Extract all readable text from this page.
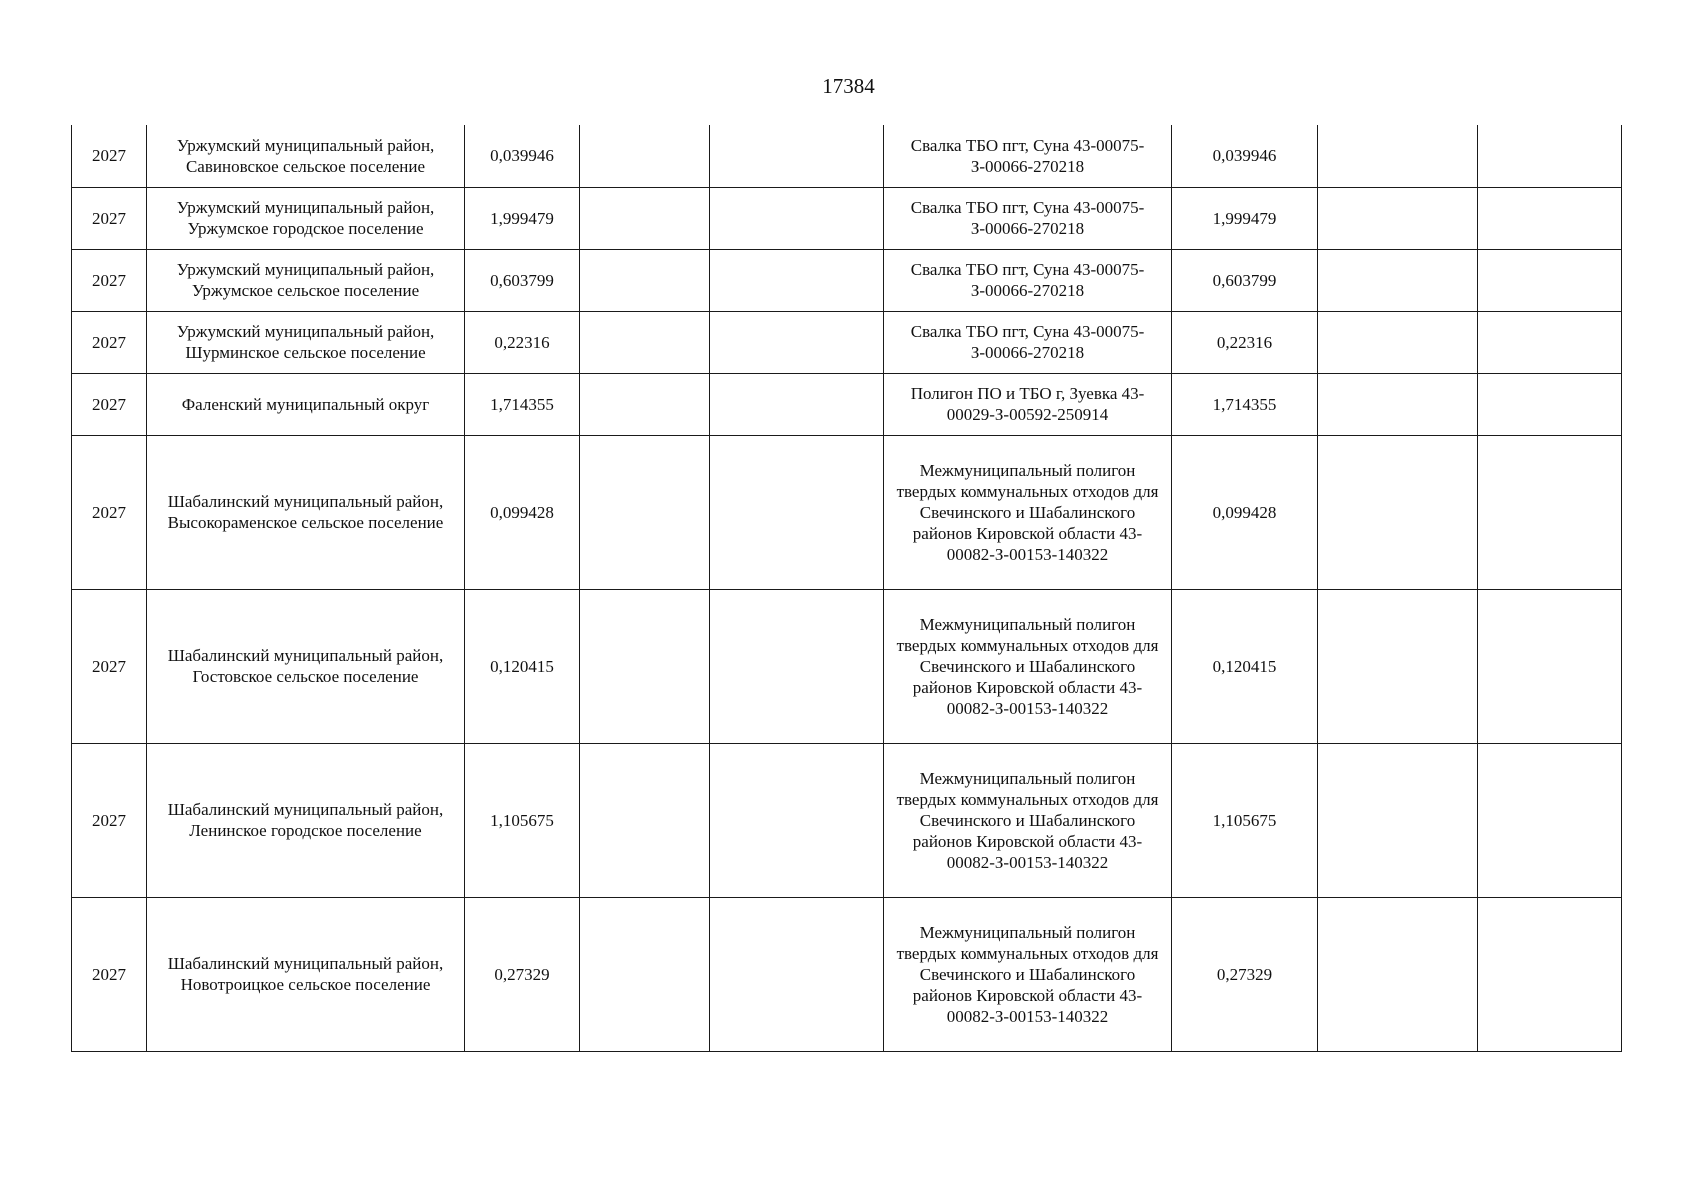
17384
2027	Уржумский муниципальный район, Савиновское сельское поселение	0,039946			Свалка ТБО пгт, Суна 43-00075-З-00066-270218	0,039946		
2027	Уржумский муниципальный район, Уржумское городское поселение	1,999479			Свалка ТБО пгт, Суна 43-00075-З-00066-270218	1,999479		
2027	Уржумский муниципальный район, Уржумское сельское поселение	0,603799			Свалка ТБО пгт, Суна 43-00075-З-00066-270218	0,603799		
2027	Уржумский муниципальный район, Шурминское сельское поселение	0,22316			Свалка ТБО пгт, Суна 43-00075-З-00066-270218	0,22316		
2027	Фаленский муниципальный округ	1,714355			Полигон ПО и ТБО г, Зуевка 43-00029-З-00592-250914	1,714355		
2027	Шабалинский муниципальный район, Высокораменское сельское поселение	0,099428			Межмуниципальный полигон твердых коммунальных отходов для Свечинского и Шабалинского районов Кировской области 43-00082-З-00153-140322	0,099428		
2027	Шабалинский муниципальный район, Гостовское сельское поселение	0,120415			Межмуниципальный полигон твердых коммунальных отходов для Свечинского и Шабалинского районов Кировской области 43-00082-З-00153-140322	0,120415		
2027	Шабалинский муниципальный район, Ленинское городское поселение	1,105675			Межмуниципальный полигон твердых коммунальных отходов для Свечинского и Шабалинского районов Кировской области 43-00082-З-00153-140322	1,105675		
2027	Шабалинский муниципальный район, Новотроицкое сельское поселение	0,27329			Межмуниципальный полигон твердых коммунальных отходов для Свечинского и Шабалинского районов Кировской области 43-00082-З-00153-140322	0,27329		
